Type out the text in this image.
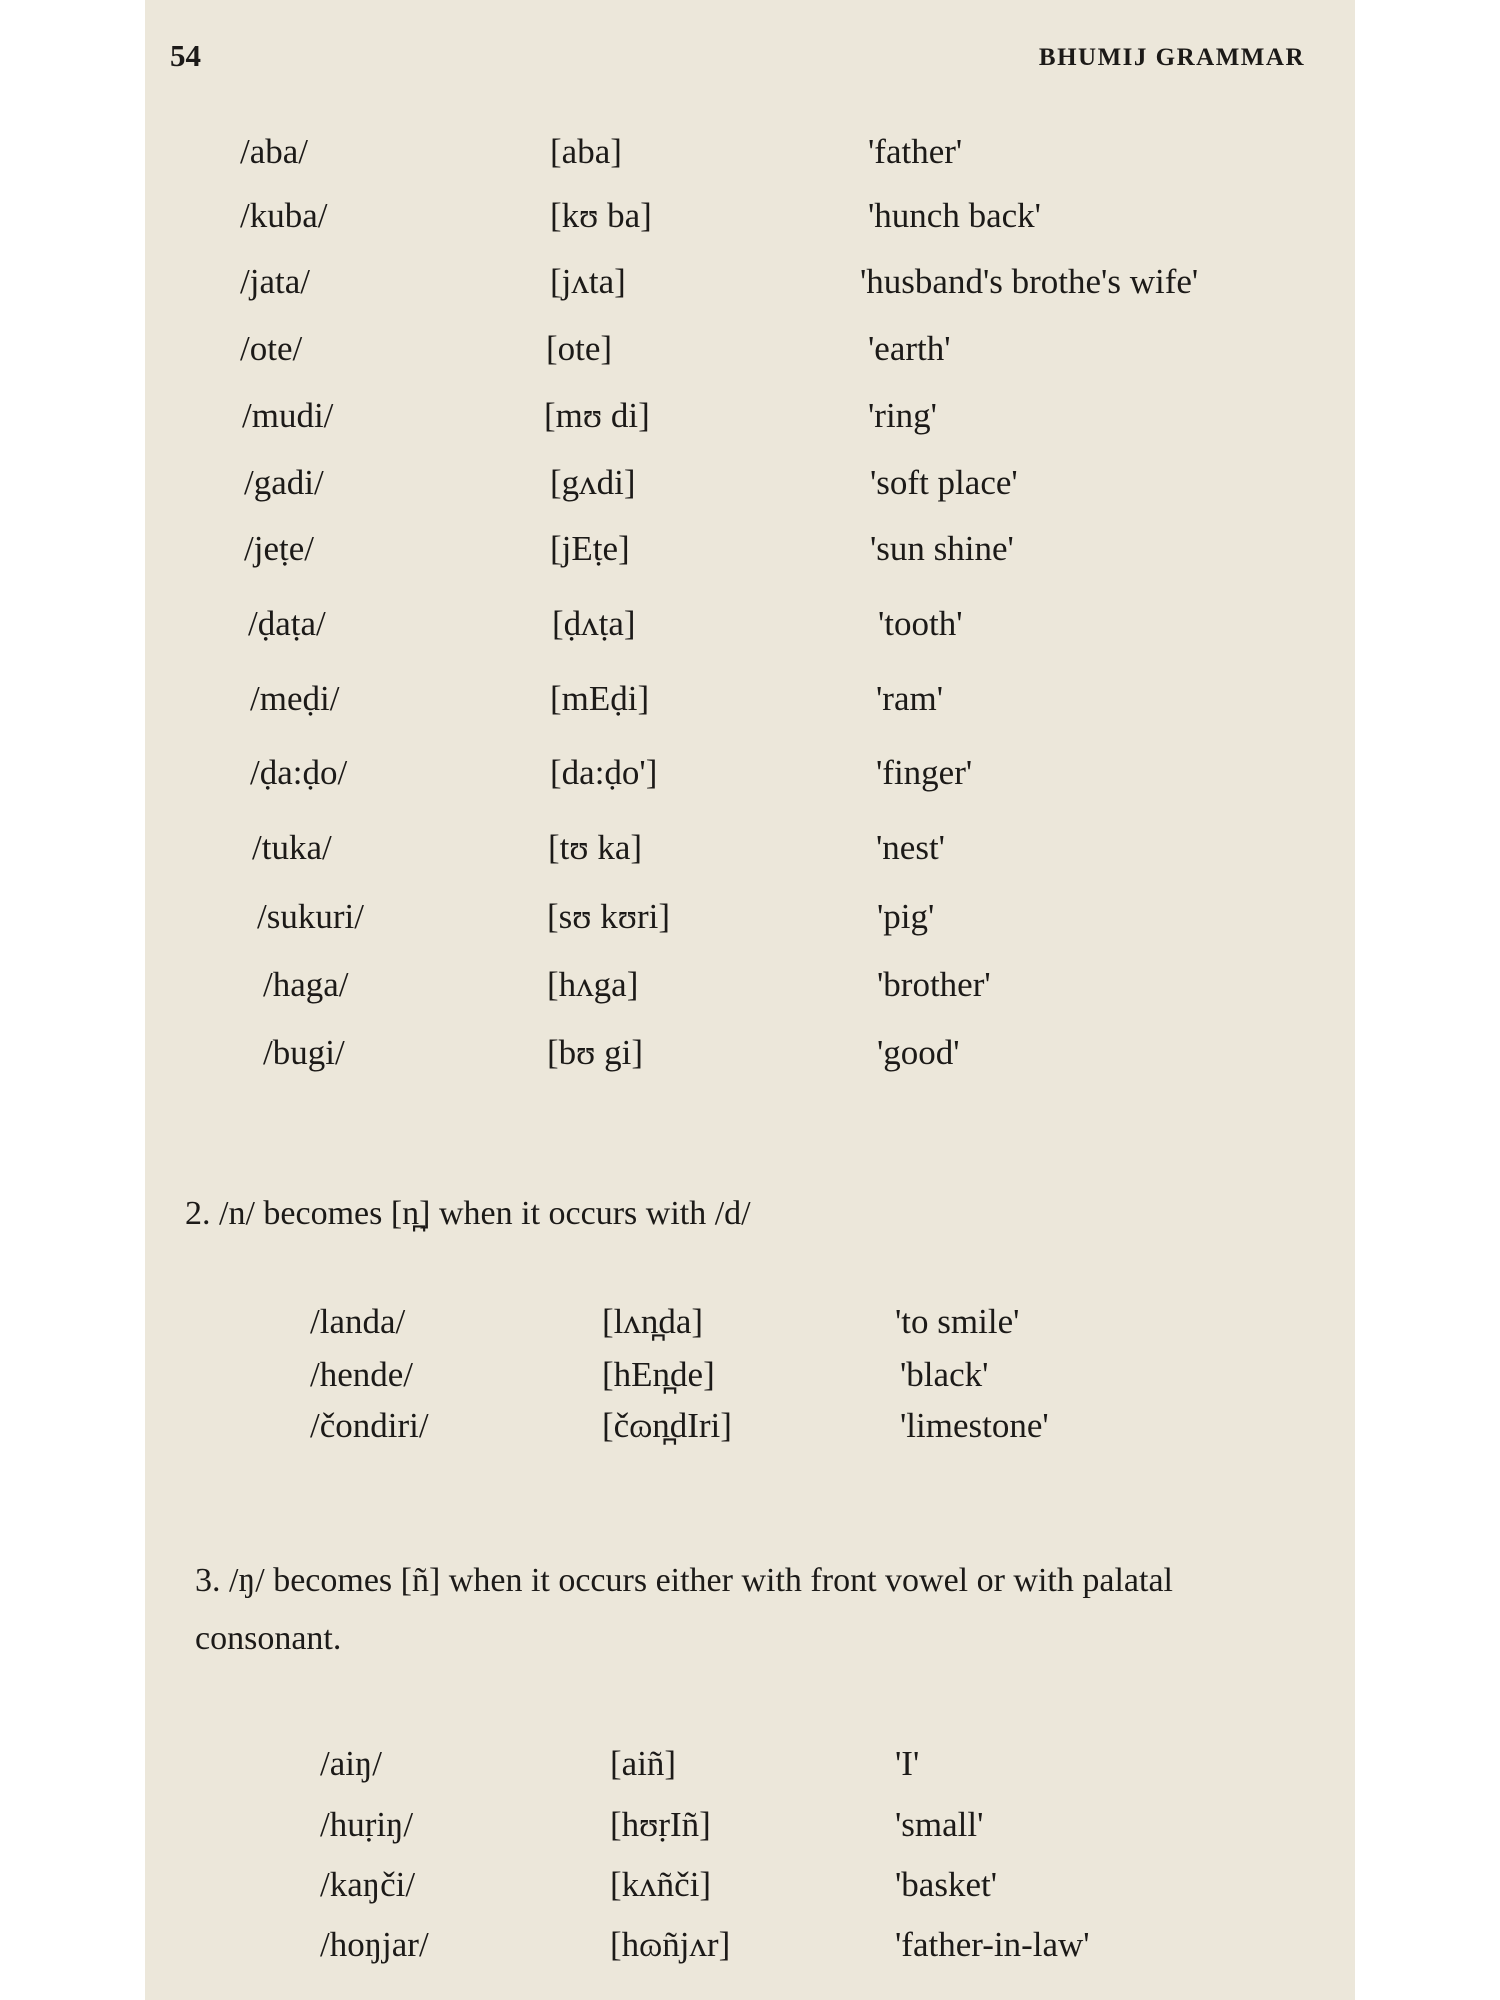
54	BHUMIJ GRAMMAR
/aba/	[aba]	'father'
/kuba/	[kʊ ba]	'hunch back'
/jata/	[jʌta]	'husband's brothe's wife'
/ote/	[ote]	'earth'
/mudi/	[mʊ di]	'ring'
/gadi/	[gʌdi]	'soft place'
/jeṭe/	[jEṭe]	'sun shine'
/ḍaṭa/	[ḍʌṭa]	'tooth'
/meḍi/	[mEḍi]	'ram'
/ḍa:ḍo/	[da:ḍo']	'finger'
/tuka/	[tʊ ka]	'nest'
/sukuri/	[sʊ kʊri]	'pig'
/haga/	[hʌga]	'brother'
/bugi/	[bʊ gi]	'good'
2. /n/ becomes [n̪] when it occurs with /d/
/landa/	[lʌn̪da]	'to smile'
/hende/	[hEn̪de]	'black'
/čondiri/	[čɷn̪dIri]	'limestone'
3. /ŋ/ becomes [ñ] when it occurs either with front vowel or with palatal consonant.
/aiŋ/	[aiñ]	'I'
/huṛiŋ/	[hʊṛIñ]	'small'
/kaŋči/	[kʌñči]	'basket'
/hoŋjar/	[hɷñjʌr]	'father-in-law'
